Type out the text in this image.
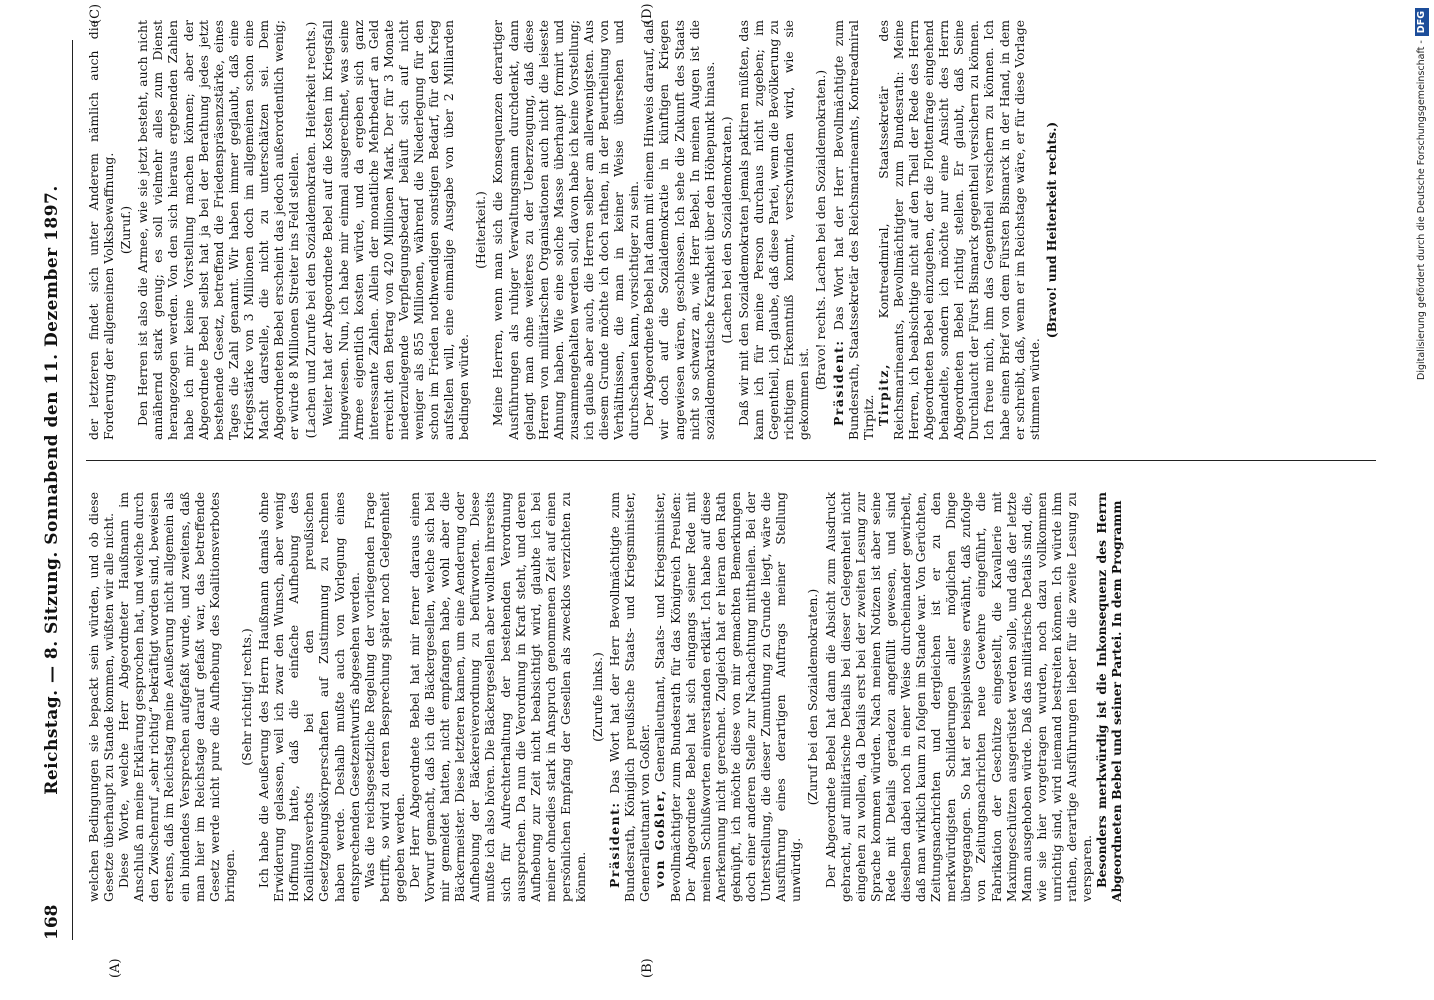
168
Reichstag. — 8. Sitzung. Sonnabend den 11. Dezember 1897.
(A)	(B)
(C)	(D)

welchen Bedingungen sie bepackt sein würden, und ob diese Gesetze überhaupt zu Stande kommen, wüßten wir alle nicht. Diese Worte, welche Herr Abgeordneter Haußmann im Anschluß an meine Erklärung gesprochen hat, und welche durch den Zwischenruf „sehr richtig“ bekräftigt worden sind, beweisen erstens, daß im Reichstag meine Aeußerung nicht allgemein als ein bindendes Versprechen aufgefaßt wurde, und zweitens, daß man hier im Reichstage darauf gefaßt war, das betreffende Gesetz werde nicht pure die Aufhebung des Koalitionsverbotes bringen.

(Sehr richtig! rechts.) Ich habe die Aeußerung des Herrn Haußmann damals ohne Erwiderung gelassen, weil ich zwar den Wunsch, aber wenig Hoffnung hatte, daß die einfache Aufhebung des Koalitionsverbots bei den preußischen Gesetzgebungskörperschaften auf Zustimmung zu rechnen haben werde. Deshalb mußte auch von Vorlegung eines entsprechenden Gesetzentwurfs abgesehen werden. Was die reichsgesetzliche Regelung der vorliegenden Frage betrifft, so wird zu deren Besprechung später noch Gelegenheit gegeben werden. Der Herr Abgeordnete Bebel hat mir ferner daraus einen Vorwurf gemacht, daß ich die Bäckergesellen, welche sich bei mir gemeldet hatten, nicht empfangen habe, wohl aber die Bäckermeister. Diese letzteren kamen, um eine Aenderung oder Aufhebung der Bäckereiverordnung zu befürworten. Diese mußte ich also hören. Die Bäckergesellen aber wollten ihrerseits sich für Aufrechterhaltung der bestehenden Verordnung aussprechen. Da nun die Verordnung in Kraft steht, und deren Aufhebung zur Zeit nicht beabsichtigt wird, glaubte ich bei meiner ohnedies stark in Anspruch genommenen Zeit auf einen persönlichen Empfang der Gesellen als zwecklos verzichten zu können.

(Zurufe links.)

Präsident: Das Wort hat der Herr Bevollmächtigte zum Bundesrath, Königlich preußische Staats- und Kriegsminister, Generalleutnant von Goßler. von Goßler, Generalleutnant, Staats- und Kriegsminister, Bevollmächtigter zum Bundesrath für das Königreich Preußen: Der Abgeordnete Bebel hat sich eingangs seiner Rede mit meinen Schlußworten einverstanden erklärt. Ich habe auf diese Anerkennung nicht gerechnet. Zugleich hat er hieran den Rath geknüpft, ich möchte diese von mir gemachten Bemerkungen doch einer anderen Stelle zur Nachachtung mittheilen. Bei der Unterstellung, die dieser Zumuthung zu Grunde liegt, wäre die Ausführung eines derartigen Auftrags meiner Stellung unwürdig.

(Zuruf bei den Sozialdemokraten.) Der Abgeordnete Bebel hat dann die Absicht zum Ausdruck gebracht, auf militärische Details bei dieser Gelegenheit nicht eingehen zu wollen, da Details erst bei der zweiten Lesung zur Sprache kommen würden. Nach meinen Notizen ist aber seine Rede mit Details geradezu angefüllt gewesen, und sind dieselben dabei noch in einer Weise durcheinander gewirbelt, daß man wirklich kaum zu folgen im Stande war. Von Gerüchten, Zeitungsnachrichten und dergleichen ist er zu den merkwürdigsten Schilderungen aller möglichen Dinge übergegangen. So hat er beispielsweise erwähnt, daß zufolge von Zeitungsnachrichten neue Gewehre eingeführt, die Fabrikation der Geschütze eingestellt, die Kavallerie mit Maximgeschützen ausgerüstet werden solle, und daß der letzte Mann ausgehoben würde. Daß das militärische Details sind, die, wie sie hier vorgetragen wurden, noch dazu vollkommen unrichtig sind, wird niemand bestreiten können. Ich würde ihm rathen, derartige Ausführungen lieber für die zweite Lesung zu versparen. Besonders merkwürdig ist die Inkonsequenz des Herrn Abgeordneten Bebel und seiner Partei. In dem Programm

der letzteren findet sich unter Anderem nämlich auch die Forderung der allgemeinen Volksbewaffnung. (Zuruf.) Den Herren ist also die Armee, wie sie jetzt besteht, auch nicht annähernd stark genug; es soll vielmehr alles zum Dienst herangezogen werden. Von den sich hieraus ergebenden Zahlen habe ich mir keine Vorstellung machen können; aber der Abgeordnete Bebel selbst hat ja bei der Berathung jedes jetzt bestehende Gesetz, betreffend die Friedenspräsenzstärke, eines Tages die Zahl genannt. Wir haben immer geglaubt, daß eine Kriegsstärke von 3 Millionen doch im allgemeinen schon eine Macht darstelle, die nicht zu unterschätzen sei. Dem Abgeordneten Bebel erscheint das jedoch außerordentlich wenig; er würde 8 Millionen Streiter ins Feld stellen. (Lachen und Zurufe bei den Sozialdemokraten. Heiterkeit rechts.) Weiter hat der Abgeordnete Bebel auf die Kosten im Kriegsfall hingewiesen. Nun, ich habe mir einmal ausgerechnet, was seine Armee eigentlich kosten würde, und da ergeben sich ganz interessante Zahlen. Allein der monatliche Mehrbedarf an Geld erreicht den Betrag von 420 Millionen Mark. Der für 3 Monate niederzulegende Verpflegungsbedarf beläuft sich auf nicht weniger als 855 Millionen, während die Niederlegung für den schon im Frieden nothwendigen sonstigen Bedarf, für den Krieg aufstellen will, eine einmalige Ausgabe von über 2 Milliarden bedingen würde.

(Heiterkeit.) Meine Herren, wenn man sich die Konsequenzen derartiger Ausführungen als ruhiger Verwaltungsmann durchdenkt, dann gelangt man ohne weiteres zu der Ueberzeugung, daß diese Herren von militärischen Organisationen auch nicht die leiseste Ahnung haben. Wie eine solche Masse überhaupt formirt und zusammengehalten werden soll, davon habe ich keine Vorstellung; ich glaube aber auch, die Herren selber am allerwenigsten. Aus diesem Grunde möchte ich doch rathen, in der Beurtheilung von Verhältnissen, die man in keiner Weise übersehen und durchschauen kann, vorsichtiger zu sein. Der Abgeordnete Bebel hat dann mit einem Hinweis darauf, daß wir doch auf die Sozialdemokratie in künftigen Kriegen angewiesen wären, geschlossen. Ich sehe die Zukunft des Staats nicht so schwarz an, wie Herr Bebel. In meinen Augen ist die sozialdemokratische Krankheit über den Höhepunkt hinaus. (Lachen bei den Sozialdemokraten.) Daß wir mit den Sozialdemokraten jemals paktiren müßten, das kann ich für meine Person durchaus nicht zugeben; im Gegentheil, ich glaube, daß diese Partei, wenn die Bevölkerung zu richtigem Erkenntniß kommt, verschwinden wird, wie sie gekommen ist.

(Bravo! rechts. Lachen bei den Sozialdemokraten.) Präsident: Das Wort hat der Herr Bevollmächtigte zum Bundesrath, Staatssekretär des Reichsmarineamts, Kontreadmiral Tirpitz. Tirpitz, Kontreadmiral, Staatssekretär des Reichsmarineamts, Bevollmächtigter zum Bundesrath: Meine Herren, ich beabsichtige nicht auf den Theil der Rede des Herrn Abgeordneten Bebel einzugehen, der die Flottenfrage eingehend behandelte, sondern ich möchte nur eine Ansicht des Herrn Abgeordneten Bebel richtig stellen. Er glaubt, daß Seine Durchlaucht der Fürst Bismarck gegentheil versichern zu können. Ich freue mich, ihm das Gegentheil versichern zu können. Ich habe einen Brief von dem Fürsten Bismarck in der Hand, in dem er schreibt, daß, wenn er im Reichstage wäre, er für diese Vorlage stimmen würde.

(Bravo! und Heiterkeit rechts.)	Digitalisierung gefördert durch die Deutsche Forschungsgemeinschaft -DFG
